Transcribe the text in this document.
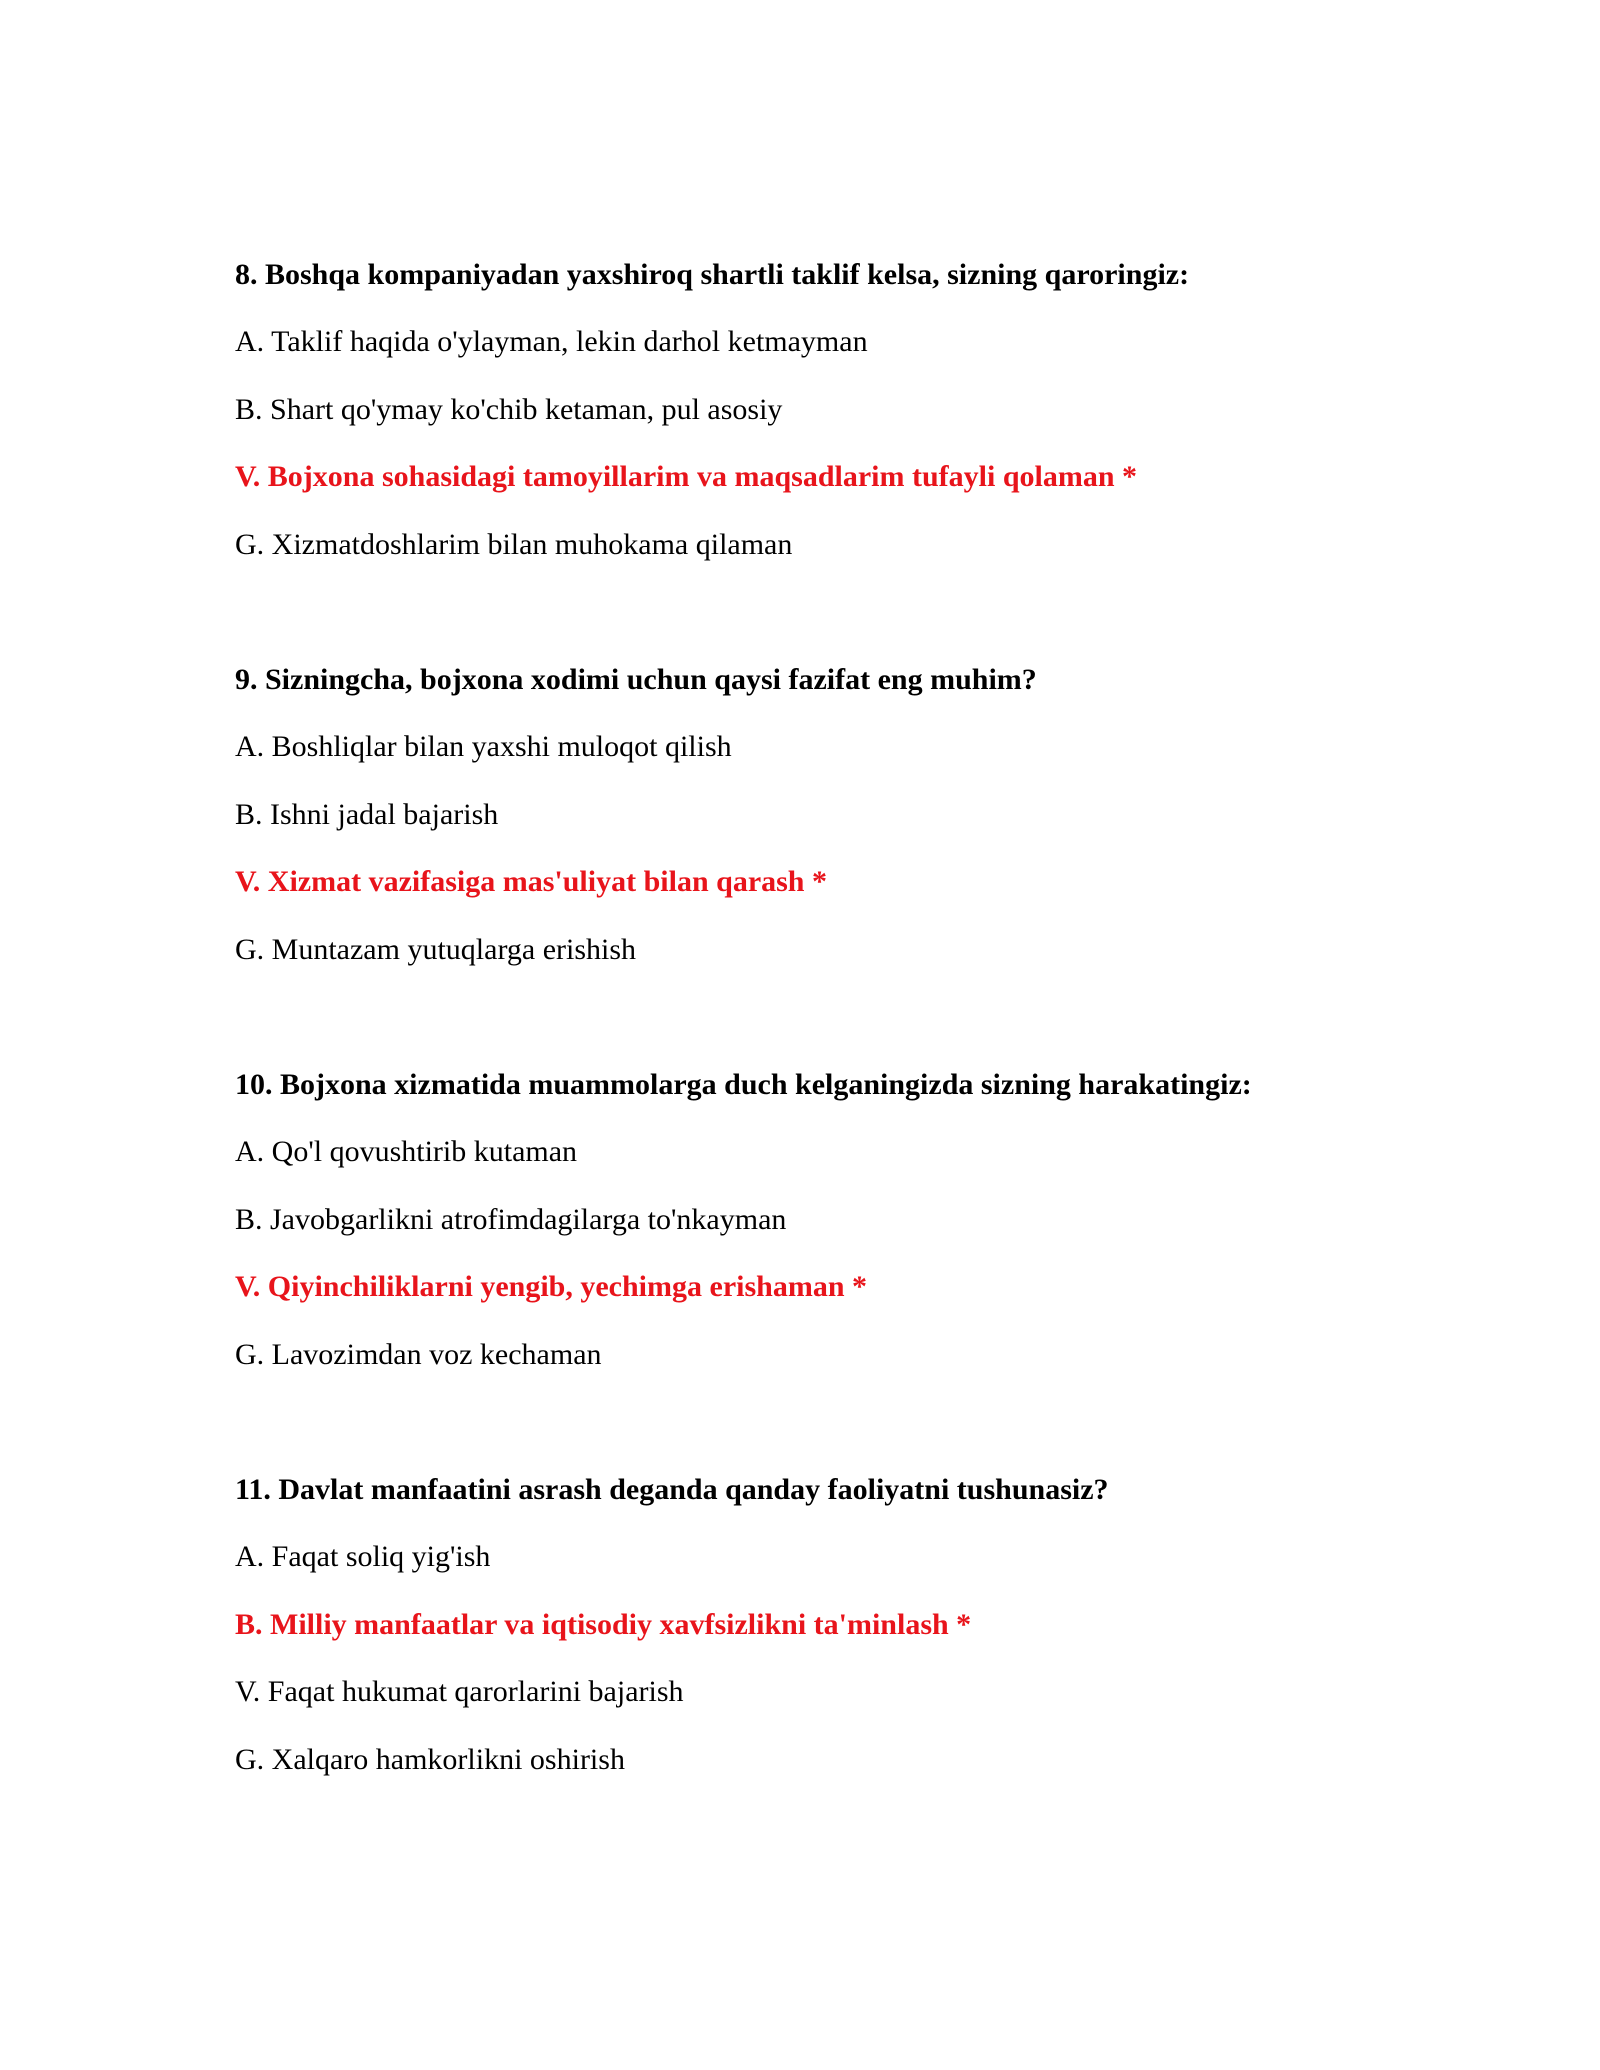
8. Boshqa kompaniyadan yaxshiroq shartli taklif kelsa, sizning qaroringiz:
A. Taklif haqida o'ylayman, lekin darhol ketmayman
B. Shart qo'ymay ko'chib ketaman, pul asosiy
V. Bojxona sohasidagi tamoyillarim va maqsadlarim tufayli qolaman *
G. Xizmatdoshlarim bilan muhokama qilaman
9. Sizningcha, bojxona xodimi uchun qaysi fazifat eng muhim?
A. Boshliqlar bilan yaxshi muloqot qilish
B. Ishni jadal bajarish
V. Xizmat vazifasiga mas'uliyat bilan qarash *
G. Muntazam yutuqlarga erishish
10. Bojxona xizmatida muammolarga duch kelganingizda sizning harakatingiz:
A. Qo'l qovushtirib kutaman
B. Javobgarlikni atrofimdagilarga to'nkayman
V. Qiyinchiliklarni yengib, yechimga erishaman *
G. Lavozimdan voz kechaman
11. Davlat manfaatini asrash deganda qanday faoliyatni tushunasiz?
A. Faqat soliq yig'ish
B. Milliy manfaatlar va iqtisodiy xavfsizlikni ta'minlash *
V. Faqat hukumat qarorlarini bajarish
G. Xalqaro hamkorlikni oshirish
